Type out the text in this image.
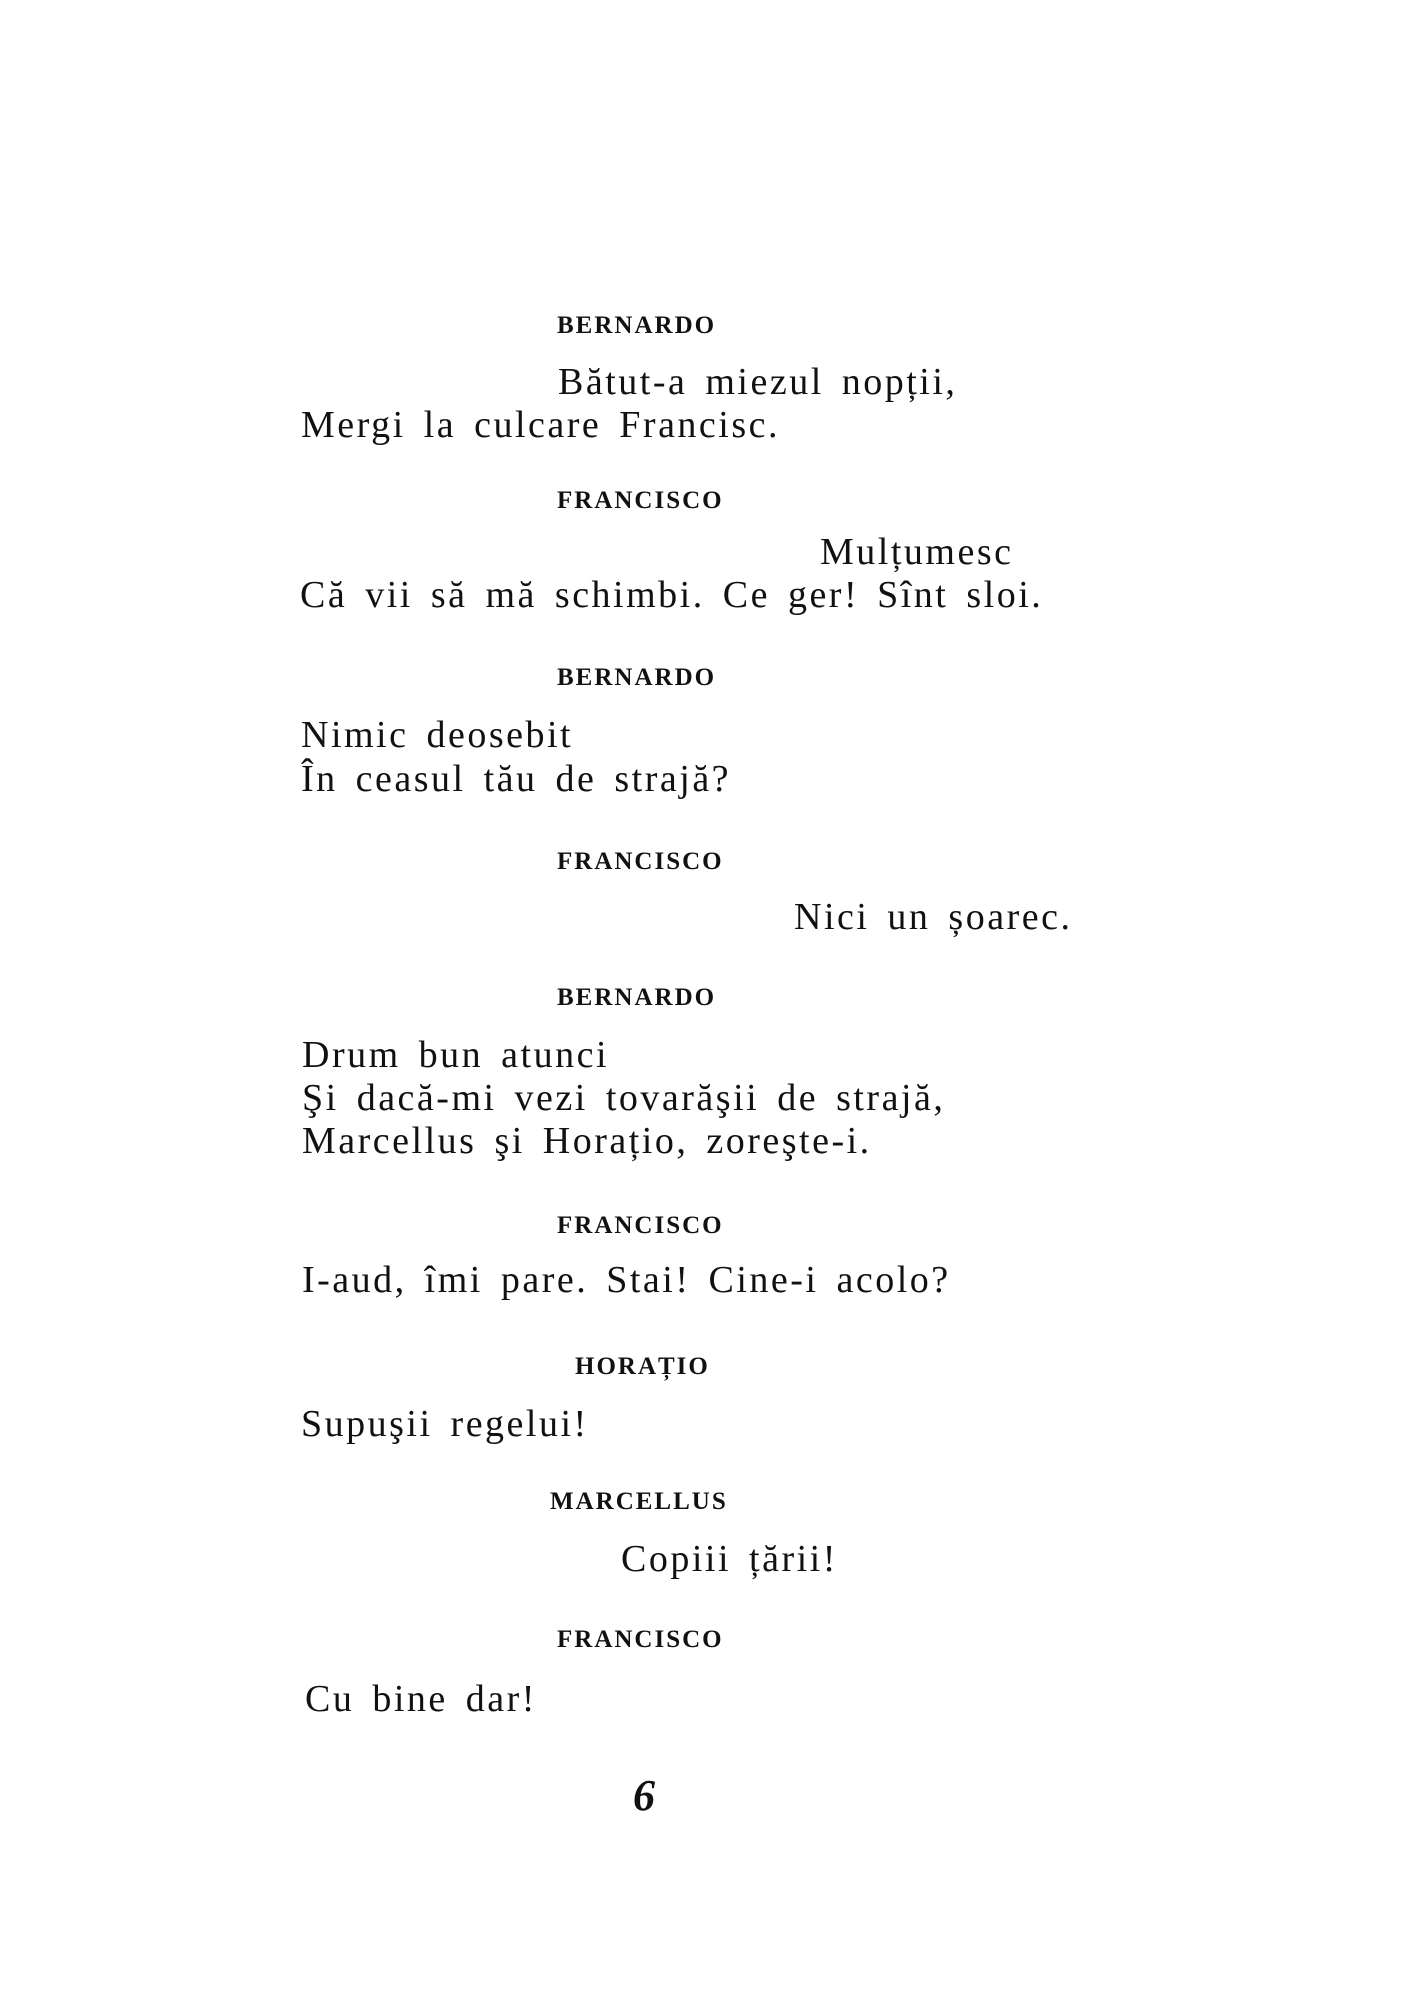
BERNARDO
Bătut-a miezul nopții,
Mergi la culcare Francisc.
FRANCISCO
Mulțumesc
Că vii să mă schimbi. Ce ger! Sînt sloi.
BERNARDO
Nimic deosebit
În ceasul tău de strajă?
FRANCISCO
Nici un șoarec.
BERNARDO
Drum bun atunci
Şi dacă-mi vezi tovarăşii de strajă,
Marcellus şi Horațio, zoreşte-i.
FRANCISCO
I-aud, îmi pare. Stai! Cine-i acolo?
HORAȚIO
Supuşii regelui!
MARCELLUS
Copiii țării!
FRANCISCO
Cu bine dar!
6
